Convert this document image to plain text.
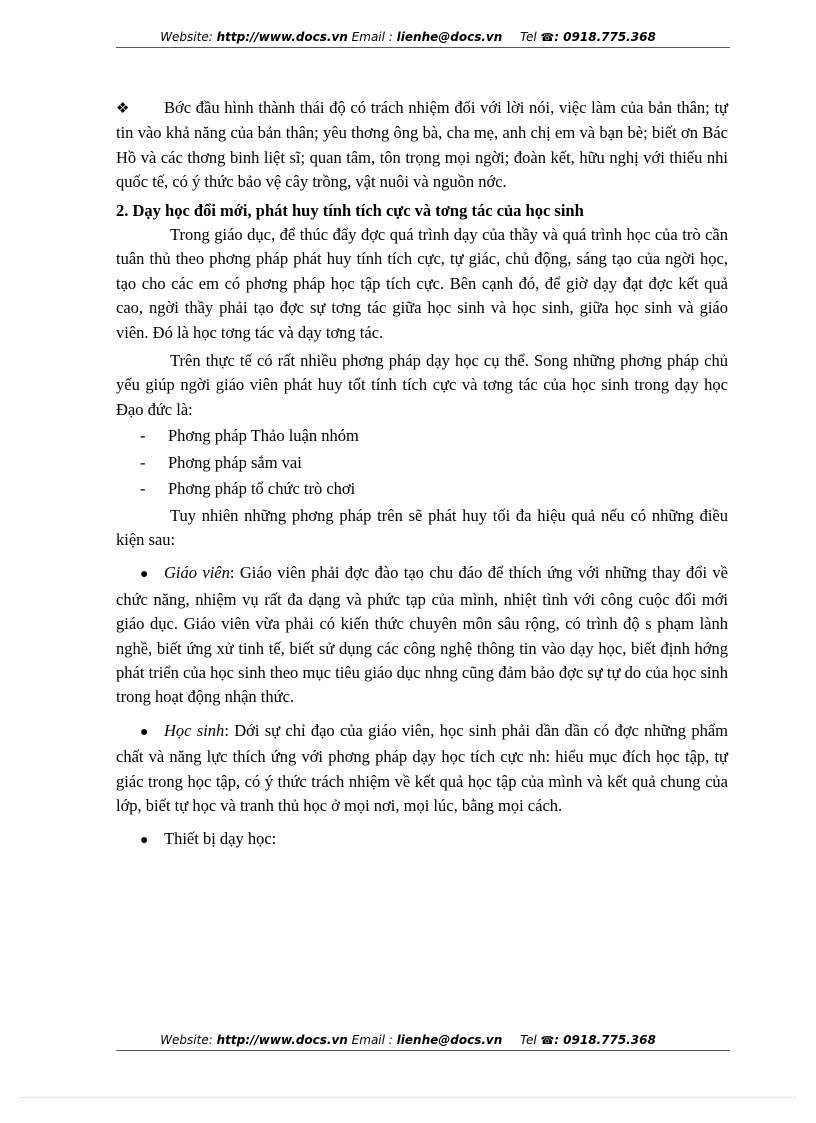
Website: http://www.docs.vn Email : lienhe@docs.vn Tel ☎: 0918.775.368

❖ Bớc đầu hình thành thái độ có trách nhiệm đối với lời nói, việc làm của bản thân; tự tin vào khả năng của bản thân; yêu thơng ông bà, cha mẹ, anh chị em và bạn bè; biết ơn Bác Hồ và các thơng binh liệt sĩ; quan tâm, tôn trọng mọi ngời; đoàn kết, hữu nghị với thiếu nhi quốc tế, có ý thức bảo vệ cây trồng, vật nuôi và nguồn nớc.

2. Dạy học đổi mới, phát huy tính tích cực và tơng tác của học sinh

Trong giáo dục, để thúc đẩy đợc quá trình dạy của thầy và quá trình học của trò cần tuân thủ theo phơng pháp phát huy tính tích cực, tự giác, chủ động, sáng tạo của ngời học, tạo cho các em có phơng pháp học tập tích cực. Bên cạnh đó, để giờ dạy đạt đợc kết quả cao, ngời thầy phải tạo đợc sự tơng tác giữa học sinh và học sinh, giữa học sinh và giáo viên. Đó là học tơng tác và dạy tơng tác.

Trên thực tế có rất nhiều phơng pháp dạy học cụ thể. Song những phơng pháp chủ yếu giúp ngời giáo viên phát huy tốt tính tích cực và tơng tác của học sinh trong dạy học Đạo đức là:

-	Phơng pháp Thảo luận nhóm

-	Phơng pháp sắm vai

-	Phơng pháp tổ chức trò chơi

Tuy nhiên những phơng pháp trên sẽ phát huy tối đa hiệu quả nếu có những điều kiện sau:

● Giáo viên: Giáo viên phải đợc đào tạo chu đáo để thích ứng với những thay đổi về chức năng, nhiệm vụ rất đa dạng và phức tạp của mình, nhiệt tình với công cuộc đổi mới giáo dục. Giáo viên vừa phải có kiến thức chuyên môn sâu rộng, có trình độ s phạm lành nghề, biết ứng xử tinh tế, biết sử dụng các công nghệ thông tin vào dạy học, biết định hớng phát triển của học sinh theo mục tiêu giáo dục nhng cũng đảm bảo đợc sự tự do của học sinh trong hoạt động nhận thức.

● Học sinh: Dới sự chỉ đạo của giáo viên, học sinh phải dần dần có đợc những phẩm chất và năng lực thích ứng với phơng pháp dạy học tích cực nh: hiểu mục đích học tập, tự giác trong học tập, có ý thức trách nhiệm về kết quả học tập của mình và kết quả chung của lớp, biết tự học và tranh thủ học ở mọi nơi, mọi lúc, bằng mọi cách.

● Thiết bị dạy học:

Website: http://www.docs.vn Email : lienhe@docs.vn Tel ☎: 0918.775.368
